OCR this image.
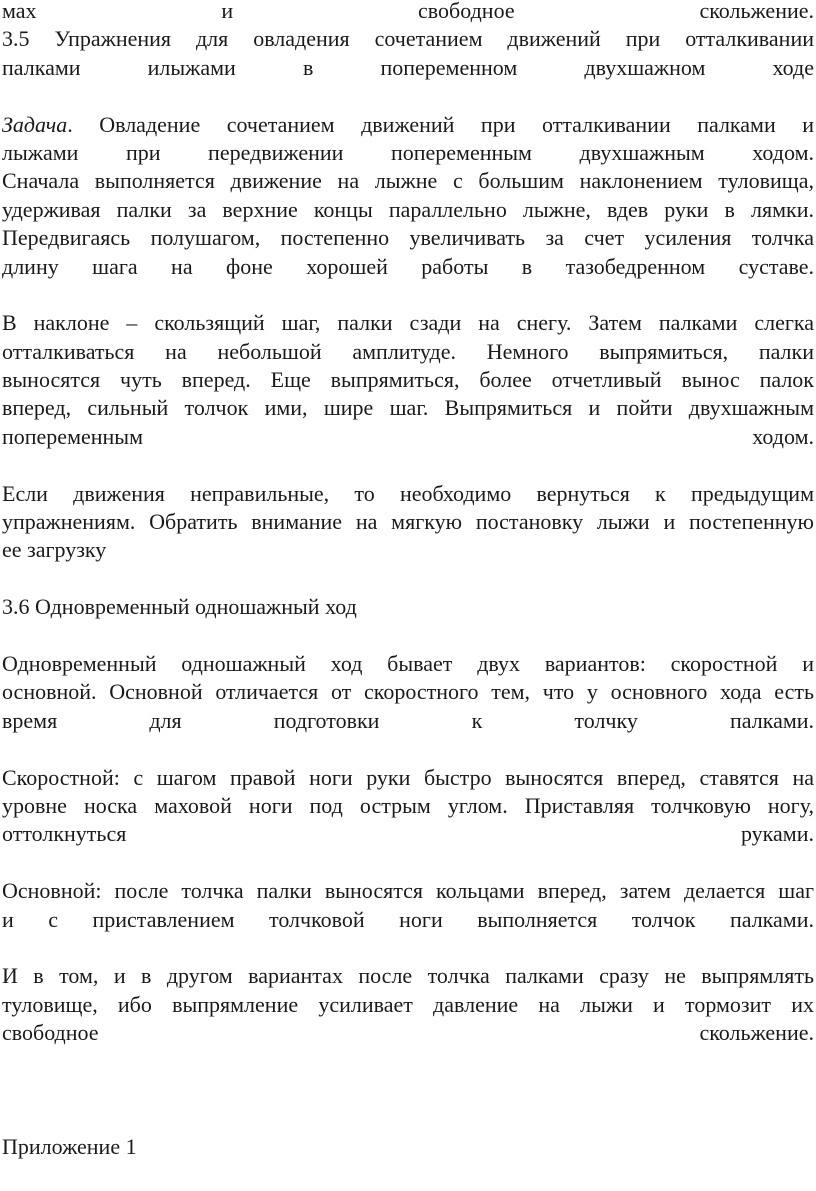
мах	и	свободное	скольжение.
3.5 Упражнения для овладения сочетанием движений при отталкивании
палками илыжами в попеременном двухшажном ходе
Задача. Овладение сочетанием движений при отталкивании палками и
лыжами при передвижении попеременным двухшажным ходом.
Сначала выполняется движение на лыжне с большим наклонением туловища,
удерживая палки за верхние концы параллельно лыжне, вдев руки в лямки.
Передвигаясь полушагом, постепенно увеличивать за счет усиления толчка
длину шага на фоне хорошей работы в тазобедренном суставе.
В наклоне – скользящий шаг, палки сзади на снегу. Затем палками слегка
отталкиваться на небольшой амплитуде. Немного выпрямиться, палки
выносятся чуть вперед. Еще выпрямиться, более отчетливый вынос палок
вперед, сильный толчок ими, шире шаг. Выпрямиться и пойти двухшажным
попеременным	ходом.
Если движения неправильные, то необходимо вернуться к предыдущим
упражнениям. Обратить внимание на мягкую постановку лыжи и постепенную
ее загрузку
3.6 Одновременный одношажный ход
Одновременный одношажный ход бывает двух вариантов: скоростной и
основной. Основной отличается от скоростного тем, что у основного хода есть
время	для	подготовки	к	толчку	палками.
Скоростной: с шагом правой ноги руки быстро выносятся вперед, ставятся на
уровне носка маховой ноги под острым углом. Приставляя толчковую ногу,
оттолкнуться	руками.
Основной: после толчка палки выносятся кольцами вперед, затем делается шаг
и с приставлением толчковой ноги выполняется толчок палками.
И в том, и в другом вариантах после толчка палками сразу не выпрямлять
туловище, ибо выпрямление усиливает давление на лыжи и тормозит их
свободное	скольжение.
Приложение 1
